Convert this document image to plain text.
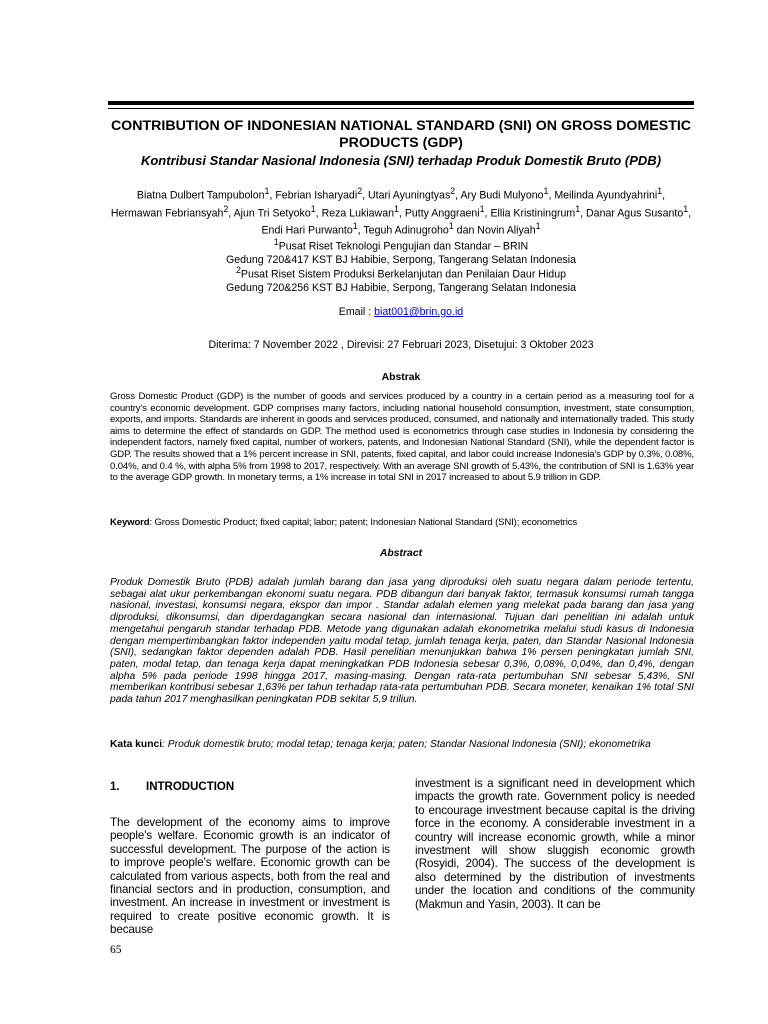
CONTRIBUTION OF INDONESIAN NATIONAL STANDARD (SNI) ON GROSS DOMESTIC PRODUCTS (GDP)
Kontribusi Standar Nasional Indonesia (SNI) terhadap Produk Domestik Bruto (PDB)
Biatna Dulbert Tampubolon$^1$, Febrian Isharyadi$^2$, Utari Ayuningtyas$^2$, Ary Budi Mulyono$^1$, Meilinda Ayundyahrini$^1$,
Hermawan Febriansyah$^2$, Ajun Tri Setyoko$^1$, Reza Lukiawan$^1$, Putty Anggraeni$^1$, Ellia Kristiningrum$^1$, Danar Agus Susanto$^1$, Endi Hari Purwanto$^1$, Teguh Adinugroho$^1$ dan Novin Aliyah$^1$
$^1$Pusat Riset Teknologi Pengujian dan Standar – BRIN
Gedung 720&417 KST BJ Habibie, Serpong, Tangerang Selatan Indonesia
$^2$Pusat Riset Sistem Produksi Berkelanjutan dan Penilaian Daur Hidup
Gedung 720&256 KST BJ Habibie, Serpong, Tangerang Selatan Indonesia
Email : biat001@brin.go.id
Diterima: 7 November 2022 , Direvisi: 27 Februari 2023, Disetujui: 3 Oktober 2023
Abstrak

Gross Domestic Product (GDP) is the number of goods and services produced by a country in a certain period as a measuring tool for a country's economic development. GDP comprises many factors, including national household consumption, investment, state consumption, exports, and imports. Standards are inherent in goods and services produced, consumed, and nationally and internationally traded. This study aims to determine the effect of standards on GDP. The method used is econometrics through case studies in Indonesia by considering the independent factors, namely fixed capital, number of workers, patents, and Indonesian National Standard (SNI), while the dependent factor is GDP. The results showed that a 1% percent increase in SNI, patents, fixed capital, and labor could increase Indonesia's GDP by 0.3%, 0.08%, 0.04%, and 0.4 %, with alpha 5% from 1998 to 2017, respectively. With an average SNI growth of 5.43%, the contribution of SNI is 1.63% year to the average GDP growth. In monetary terms, a 1% increase in total SNI in 2017 increased to about 5.9 trillion in GDP.

Keyword: Gross Domestic Product; fixed capital; labor; patent; Indonesian National Standard (SNI); econometrics
Abstract

Produk Domestik Bruto (PDB) adalah jumlah barang dan jasa yang diproduksi oleh suatu negara dalam periode tertentu, sebagai alat ukur perkembangan ekonomi suatu negara. PDB dibangun dari banyak faktor, termasuk konsumsi rumah tangga nasional, investasi, konsumsi negara, ekspor dan impor . Standar adalah elemen yang melekat pada barang dan jasa yang diproduksi, dikonsumsi, dan diperdagangkan secara nasional dan internasional. Tujuan dari penelitian ini adalah untuk mengetahui pengaruh standar terhadap PDB. Metode yang digunakan adalah ekonometrika melalui studi kasus di Indonesia dengan mempertimbangkan faktor independen yaitu modal tetap, jumlah tenaga kerja, paten, dan Standar Nasional Indonesia (SNI), sedangkan faktor dependen adalah PDB. Hasil penelitian menunjukkan bahwa 1% persen peningkatan jumlah SNI, paten, modal tetap, dan tenaga kerja dapat meningkatkan PDB Indonesia sebesar 0,3%, 0,08%, 0,04%, dan 0,4%, dengan alpha 5% pada periode 1998 hingga 2017, masing-masing. Dengan rata-rata pertumbuhan SNI sebesar 5,43%, SNI memberikan kontribusi sebesar 1,63% per tahun terhadap rata-rata pertumbuhan PDB. Secara moneter, kenaikan 1% total SNI pada tahun 2017 menghasilkan peningkatan PDB sekitar 5,9 triliun.

Kata kunci: Produk domestik bruto; modal tetap; tenaga kerja; paten; Standar Nasional Indonesia (SNI); ekonometrika
1. INTRODUCTION

The development of the economy aims to improve people's welfare. Economic growth is an indicator of successful development. The purpose of the action is to improve people's welfare. Economic growth can be calculated from various aspects, both from the real and financial sectors and in production, consumption, and investment. An increase in investment or investment is required to create positive economic growth. It is because

investment is a significant need in development which impacts the growth rate. Government policy is needed to encourage investment because capital is the driving force in the economy. A considerable investment in a country will increase economic growth, while a minor investment will show sluggish economic growth (Rosyidi, 2004). The success of the development is also determined by the distribution of investments under the location and conditions of the community (Makmun and Yasin, 2003). It can be

65
